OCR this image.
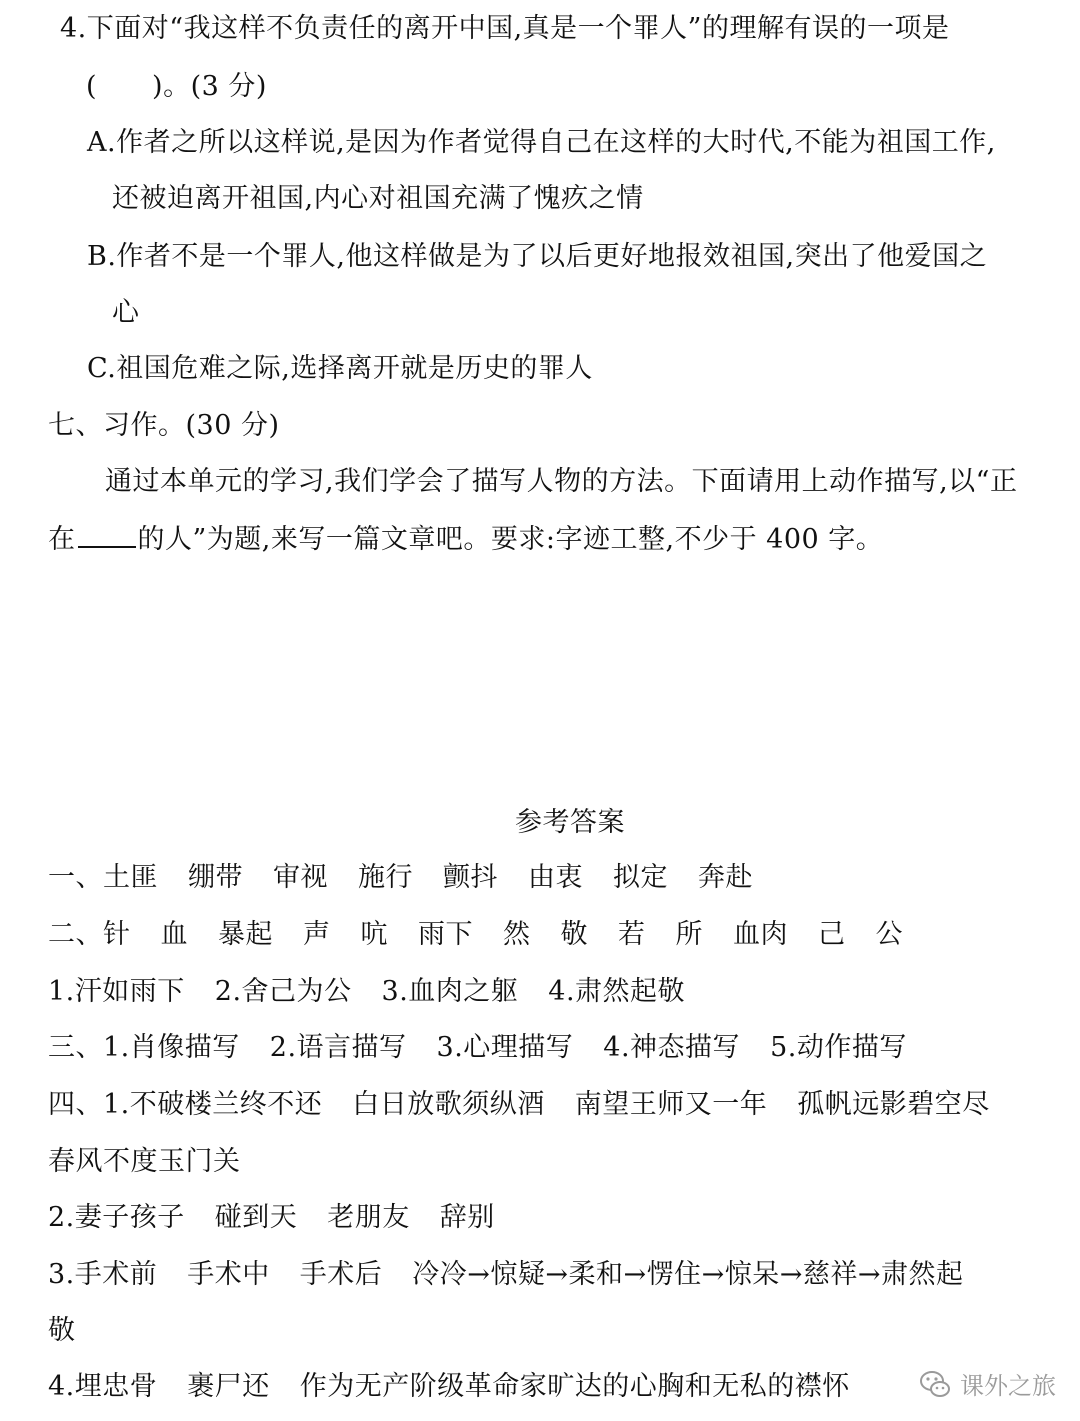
4.下面对“我这样不负责任的离开中国,真是一个罪人”的理解有误的一项是
(　　)。(3 分)
A.作者之所以这样说,是因为作者觉得自己在这样的大时代,不能为祖国工作,
还被迫离开祖国,内心对祖国充满了愧疚之情
B.作者不是一个罪人,他这样做是为了以后更好地报效祖国,突出了他爱国之
心
C.祖国危难之际,选择离开就是历史的罪人
七、习作。(30 分)
通过本单元的学习,我们学会了描写人物的方法。下面请用上动作描写,以“正
在 的人”为题,来写一篇文章吧。要求:字迹工整,不少于 400 字。
参考答案
一、土匪 绷带 审视 施行 颤抖 由衷 拟定 奔赴
二、针 血 暴起 声 吭 雨下 然 敬 若 所 血肉 己 公
1.汗如雨下 2.舍己为公 3.血肉之躯 4.肃然起敬
三、1.肖像描写 2.语言描写 3.心理描写 4.神态描写 5.动作描写
四、1.不破楼兰终不还 白日放歌须纵酒 南望王师又一年 孤帆远影碧空尽
春风不度玉门关
2.妻子孩子 碰到天 老朋友 辞别
3.手术前 手术中 手术后 冷冷→惊疑→柔和→愣住→惊呆→慈祥→肃然起
敬
4.埋忠骨 裹尸还 作为无产阶级革命家旷达的心胸和无私的襟怀	课外之旅
